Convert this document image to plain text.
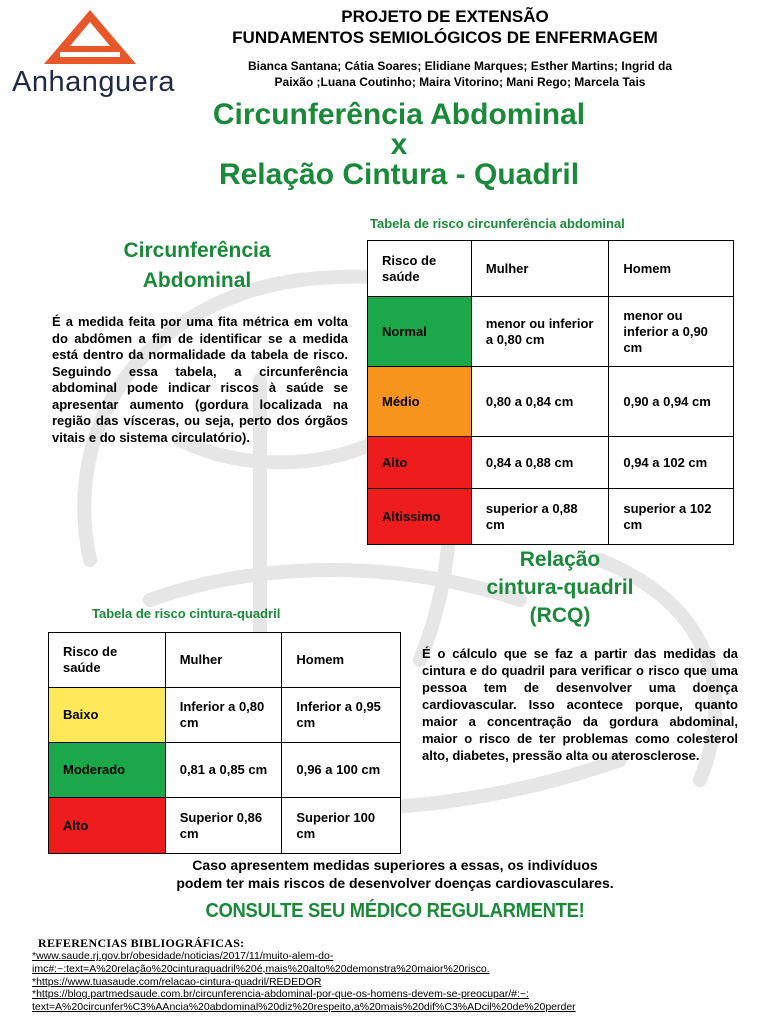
Anhanguera
PROJETO DE EXTENSÃO
FUNDAMENTOS SEMIOLÓGICOS DE ENFERMAGEM
Bianca Santana; Cátia Soares; Elidiane Marques; Esther Martins; Ingrid da
Paixão ;Luana Coutinho; Maira Vitorino; Mani Rego; Marcela Tais
Circunferência Abdominal
x
Relação Cintura - Quadril
Circunferência
Abdominal
É a medida feita por uma fita métrica em volta do abdômen a fim de identificar se a medida está dentro da normalidade da tabela de risco. Seguindo essa tabela, a circunferência abdominal pode indicar riscos à saúde se apresentar aumento (gordura localizada na região das vísceras, ou seja, perto dos órgãos vitais e do sistema circulatório).
Tabela de risco circunferência abdominal
Risco de saúde	Mulher	Homem
Normal	menor ou inferior a 0,80 cm	menor ou inferior a 0,90 cm
Médio	0,80 a 0,84 cm	0,90 a 0,94 cm
Alto	0,84 a 0,88 cm	0,94 a 102 cm
Altissimo	superior a 0,88 cm	superior a 102 cm
Relação
cintura-quadril
(RCQ)
É o cálculo que se faz a partir das medidas da cintura e do quadril para verificar o risco que uma pessoa tem de desenvolver uma doença cardiovascular. Isso acontece porque, quanto maior a concentração da gordura abdominal, maior o risco de ter problemas como colesterol alto, diabetes, pressão alta ou aterosclerose.
Tabela de risco cintura-quadril
Risco de saúde	Mulher	Homem
Baixo	Inferior a 0,80 cm	Inferior a 0,95 cm
Moderado	0,81 a 0,85 cm	0,96 a 100 cm
Alto	Superior 0,86 cm	Superior 100 cm
Caso apresentem medidas superiores a essas, os indivíduos
podem ter mais riscos de desenvolver doenças cardiovasculares.
CONSULTE SEU MÉDICO REGULARMENTE!
REFERENCIAS BIBLIOGRÁFICAS:
*www.saude.rj.gov.br/obesidade/noticias/2017/11/muito-alem-do-
imc#:~:text=A%20relação%20cinturaquadril%20é,mais%20alto%20demonstra%20maior%20risco.
*https://www.tuasaude.com/relacao-cintura-quadril/REDEDOR
*https://blog.partmedsaude.com.br/circunferencia-abdominal-por-que-os-homens-devem-se-preocupar/#:~:
text=A%20circunfer%C3%AAncia%20abdominal%20diz%20respeito,a%20mais%20dif%C3%ADcil%20de%20perder
